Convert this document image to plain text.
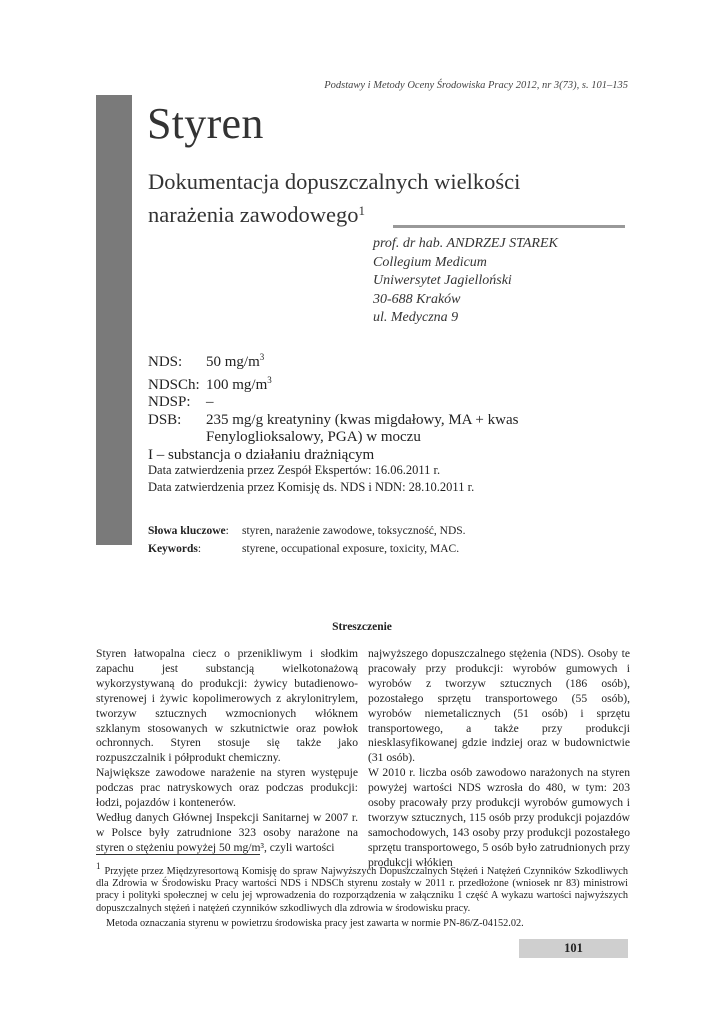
Podstawy i Metody Oceny Środowiska Pracy 2012, nr 3(73), s. 101–135
Styren
Dokumentacja dopuszczalnych wielkości
narażenia zawodowego$^1$
prof. dr hab. ANDRZEJ STAREK
Collegium Medicum
Uniwersytet Jagielloński
30-688 Kraków
ul. Medyczna 9
NDS: 50 $mg/m^3$
NDSCh: 100 $mg/m^3$
NDSP: –
DSB: 235 mg/g kreatyniny (kwas migdałowy, MA + kwas
Fenyloglioksalowy, PGA) w moczu
I – substancja o działaniu drażniącym
Data zatwierdzenia przez Zespół Ekspertów: 16.06.2011 r.
Data zatwierdzenia przez Komisję ds. NDS i NDN: 28.10.2011 r.
Słowa kluczowe: styren, narażenie zawodowe, toksyczność, NDS.
Keywords:	styrene, occupational exposure, toxicity, MAC.
Streszczenie

Styren łatwopalna ciecz o przenikliwym i słodkim zapachu jest substancją wielkotonażową wykorzystywaną do produkcji: żywicy butadienowo-styrenowej i żywic kopolimerowych z akrylonitrylem, tworzyw sztucznych wzmocnionych włóknem szklanym stosowanych w szkutnictwie oraz powłok ochronnych. Styren stosuje się także jako rozpuszczalnik i półprodukt chemiczny.

Największe zawodowe narażenie na styren występuje podczas prac natryskowych oraz podczas produkcji: łodzi, pojazdów i kontenerów.

Według danych Głównej Inspekcji Sanitarnej w 2007 r. w Polsce były zatrudnione 323 osoby narażone na styren o stężeniu powyżej 50 mg/m³, czyli wartości

najwyższego dopuszczalnego stężenia (NDS). Osoby te pracowały przy produkcji: wyrobów gumowych i wyrobów z tworzyw sztucznych (186 osób), pozostałego sprzętu transportowego (55 osób), wyrobów niemetalicznych (51 osób) i sprzętu transportowego, a także przy produkcji niesklasyfikowanej gdzie indziej oraz w budownictwie (31 osób).

W 2010 r. liczba osób zawodowo narażonych na styren powyżej wartości NDS wzrosła do 480, w tym: 203 osoby pracowały przy produkcji wyrobów gumowych i tworzyw sztucznych, 115 osób przy produkcji pojazdów samochodowych, 143 osoby przy produkcji pozostałego sprzętu transportowego, 5 osób było zatrudnionych przy produkcji włókien

1 Przyjęte przez Międzyresortową Komisję do spraw Najwyższych Dopuszczalnych Stężeń i Natężeń Czynników Szkodliwych dla Zdrowia w Środowisku Pracy wartości NDS i NDSCh styrenu zostały w 2011 r. przedłożone (wniosek nr 83) ministrowi pracy i polityki społecznej w celu jej wprowadzenia do rozporządzenia w załączniku 1 część A wykazu wartości najwyższych dopuszczalnych stężeń i natężeń czynników szkodliwych dla zdrowia w środowisku pracy.

Metoda oznaczania styrenu w powietrzu środowiska pracy jest zawarta w normie PN-86/Z-04152.02.

101
